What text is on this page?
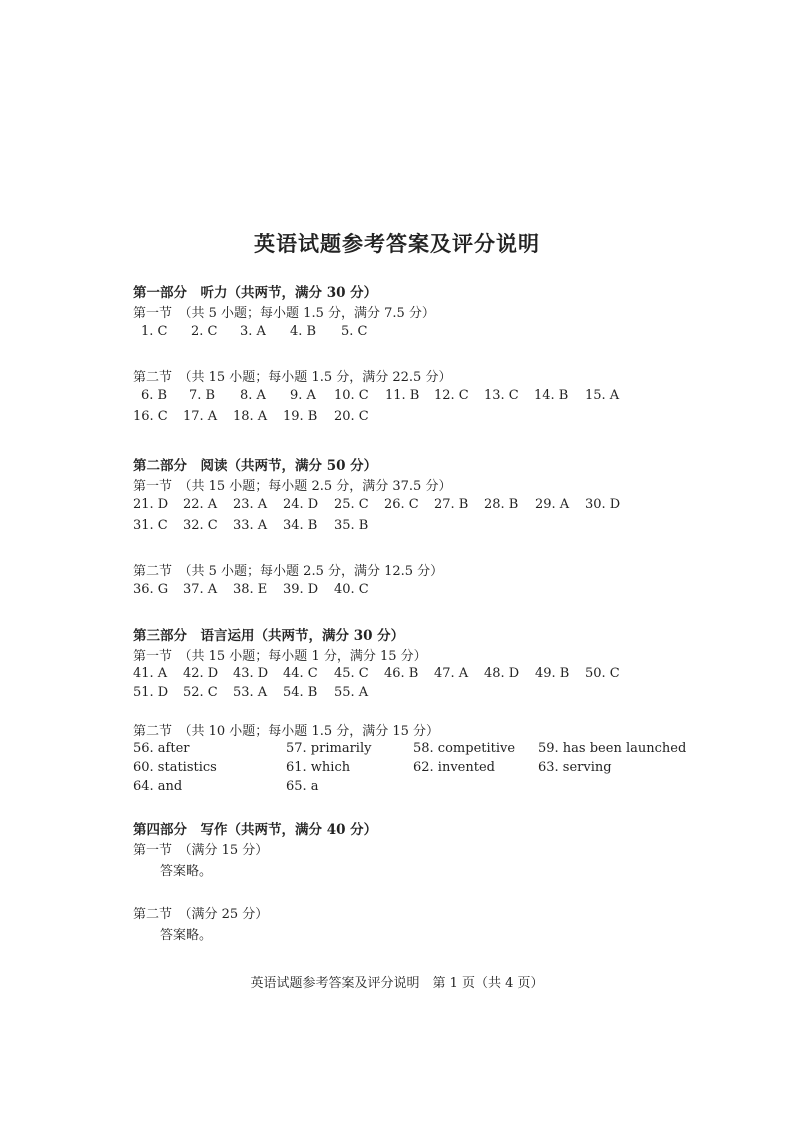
英语试题参考答案及评分说明
第一部分　听力（共两节，满分 30 分）
第一节　（共 5 小题；每小题 1.5 分，满分 7.5 分）
1. C 2. C 3. A 4. B 5. C
第二节　（共 15 小题；每小题 1.5 分，满分 22.5 分）
6. B 7. B 8. A 9. A 10. C 11. B 12. C 13. C 14. B 15. A
16. C 17. A 18. A 19. B 20. C
第二部分　阅读（共两节，满分 50 分）
第一节　（共 15 小题；每小题 2.5 分，满分 37.5 分）
21. D 22. A 23. A 24. D 25. C 26. C 27. B 28. B 29. A 30. D
31. C 32. C 33. A 34. B 35. B
第二节　（共 5 小题；每小题 2.5 分，满分 12.5 分）
36. G 37. A 38. E 39. D 40. C
第三部分　语言运用（共两节，满分 30 分）
第一节　（共 15 小题；每小题 1 分，满分 15 分）
41. A 42. D 43. D 44. C 45. C 46. B 47. A 48. D 49. B 50. C
51. D 52. C 53. A 54. B 55. A
第二节　（共 10 小题；每小题 1.5 分，满分 15 分）
56. after	57. primarily	58. competitive 59. has been launched
60. statistics	61. which	62. invented	63. serving
64. and	65. a
第四部分　写作（共两节，满分 40 分）
第一节　（满分 15 分）
答案略。
第二节　（满分 25 分）
答案略。
英语试题参考答案及评分说明　第 1 页（共 4 页）
